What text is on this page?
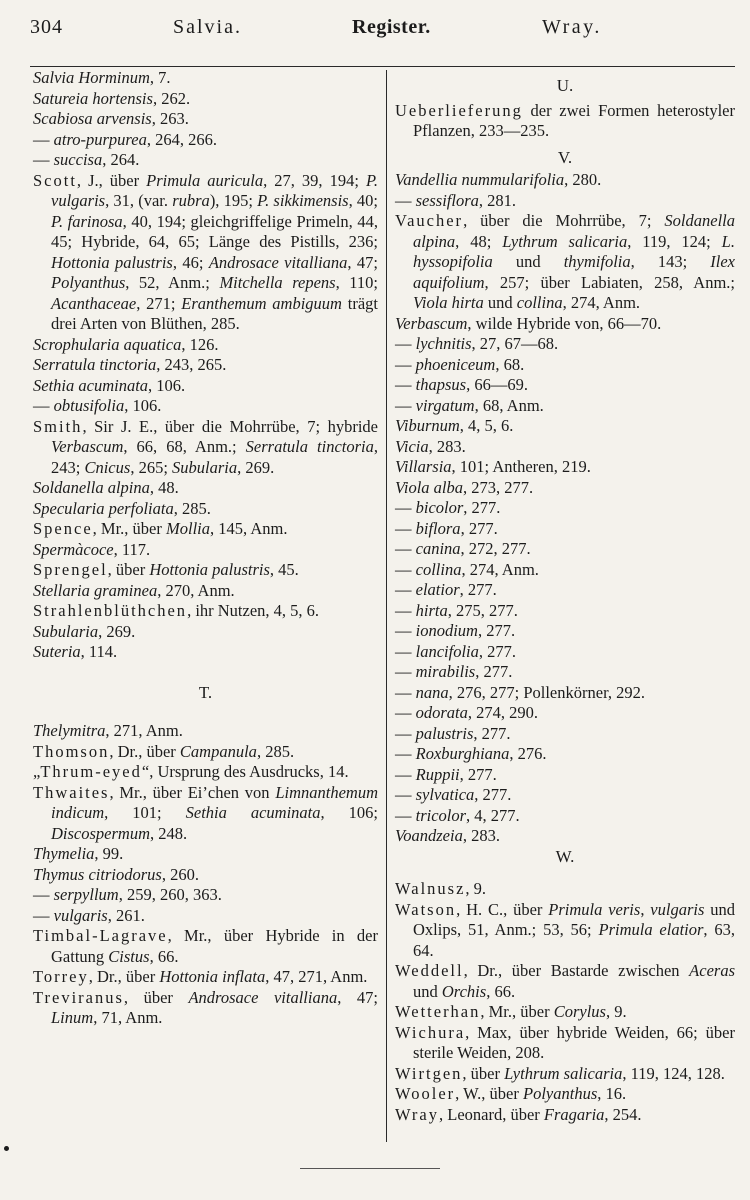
304	Salvia.	Register.	Wray.
Salvia Horminum, 7.
Satureia hortensis, 262.
Scabiosa arvensis, 263.
— atro-purpurea, 264, 266.
— succisa, 264.
Scott, J., über Primula auricula, 27, 39, 194; P. vulgaris, 31, (var. rubra), 195; P. sikkimensis, 40; P. farinosa, 40, 194; gleichgriffelige Primeln, 44, 45; Hybride, 64, 65; Länge des Pistills, 236; Hottonia palustris, 46; Androsace vitalliana, 47; Polyanthus, 52, Anm.; Mitchella repens, 110; Acanthaceae, 271; Eranthemum ambiguum trägt drei Arten von Blüthen, 285.
Scrophularia aquatica, 126.
Serratula tinctoria, 243, 265.
Sethia acuminata, 106.
— obtusifolia, 106.
Smith, Sir J. E., über die Mohrrübe, 7; hybride Verbascum, 66, 68, Anm.; Serratula tinctoria, 243; Cnicus, 265; Subularia, 269.
Soldanella alpina, 48.
Specularia perfoliata, 285.
Spence, Mr., über Mollia, 145, Anm.
Spermàcoce, 117.
Sprengel, über Hottonia palustris, 45.
Stellaria graminea, 270, Anm.
Strahlenblüthchen, ihr Nutzen, 4, 5, 6.
Subularia, 269.
Suteria, 114.
T.
Thelymitra, 271, Anm.
Thomson, Dr., über Campanula, 285.
„Thrum-eyed“, Ursprung des Ausdrucks, 14.
Thwaites, Mr., über Ei’chen von Limnanthemum indicum, 101; Sethia acuminata, 106; Discospermum, 248.
Thymelia, 99.
Thymus citriodorus, 260.
— serpyllum, 259, 260, 363.
— vulgaris, 261.
Timbal-Lagrave, Mr., über Hybride in der Gattung Cistus, 66.
Torrey, Dr., über Hottonia inflata, 47, 271, Anm.
Treviranus, über Androsace vitalliana, 47; Linum, 71, Anm.
U.
Ueberlieferung der zwei Formen heterostyler Pflanzen, 233—235.
V.
Vandellia nummularifolia, 280.
— sessiflora, 281.
Vaucher, über die Mohrrübe, 7; Soldanella alpina, 48; Lythrum salicaria, 119, 124; L. hyssopifolia und thymifolia, 143; Ilex aquifolium, 257; über Labiaten, 258, Anm.; Viola hirta und collina, 274, Anm.
Verbascum, wilde Hybride von, 66—70.
— lychnitis, 27, 67—68.
— phoeniceum, 68.
— thapsus, 66—69.
— virgatum, 68, Anm.
Viburnum, 4, 5, 6.
Vicia, 283.
Villarsia, 101; Antheren, 219.
Viola alba, 273, 277.
— bicolor, 277.
— biflora, 277.
— canina, 272, 277.
— collina, 274, Anm.
— elatior, 277.
— hirta, 275, 277.
— ionodium, 277.
— lancifolia, 277.
— mirabilis, 277.
— nana, 276, 277; Pollenkörner, 292.
— odorata, 274, 290.
— palustris, 277.
— Roxburghiana, 276.
— Ruppii, 277.
— sylvatica, 277.
— tricolor, 4, 277.
Voandzeia, 283.
W.
Walnusz, 9.
Watson, H. C., über Primula veris, vulgaris und Oxlips, 51, Anm.; 53, 56; Primula elatior, 63, 64.
Weddell, Dr., über Bastarde zwischen Aceras und Orchis, 66.
Wetterhan, Mr., über Corylus, 9.
Wichura, Max, über hybride Weiden, 66; über sterile Weiden, 208.
Wirtgen, über Lythrum salicaria, 119, 124, 128.
Wooler, W., über Polyanthus, 16.
Wray, Leonard, über Fragaria, 254.
